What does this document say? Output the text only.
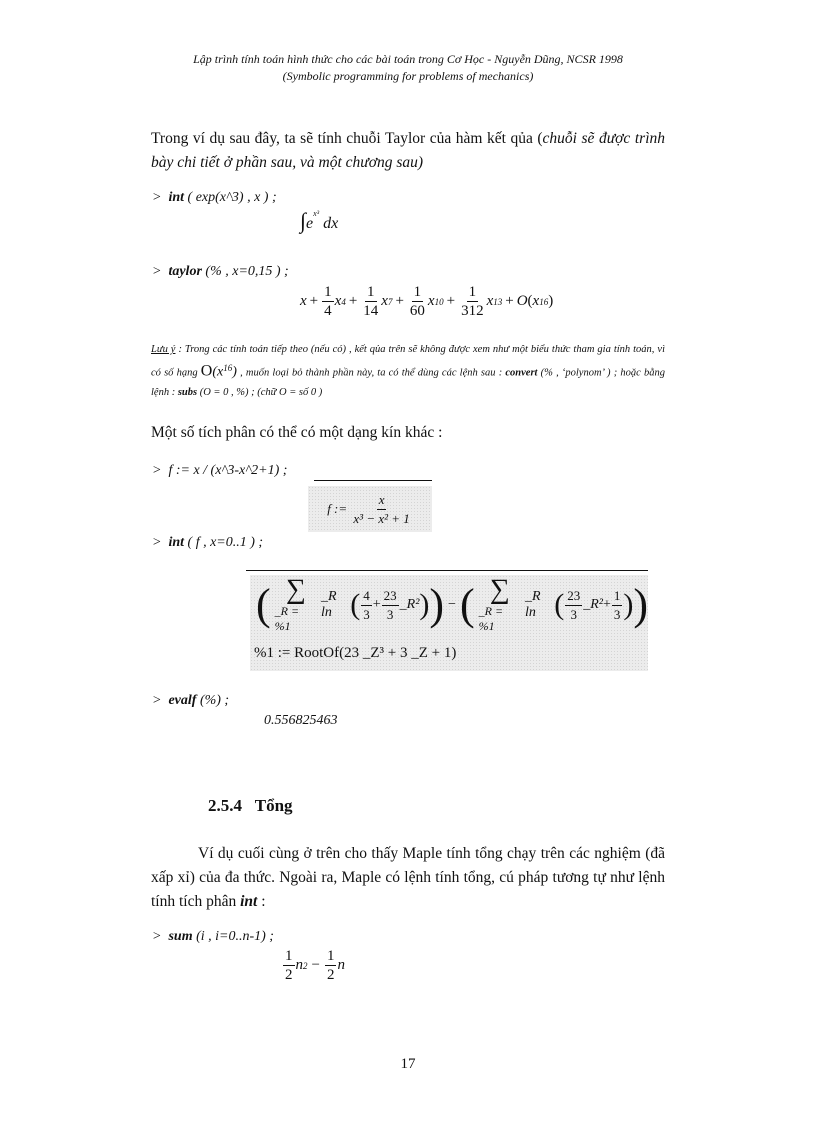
Lập trình tính toán hình thức cho các bài toán trong Cơ Học - Nguyễn Dũng, NCSR 1998
(Symbolic programming for problems of mechanics)
Trong ví dụ sau đây, ta sẽ tính chuỗi Taylor của hàm kết qủa (chuỗi sẽ được trình bày chi tiết ở phần sau, và một chương sau)
> int ( exp(x^3) , x ) ;
$\int e^{x^3}$ dx
> taylor (% , x=0,15 ) ;
$x + \frac{1}{4}$ x $4 + \frac{1}{14}$ x $7 + \frac{1}{60}$ x $10 + \frac{1}{312}$ x 13 + O ( x 16 )
Lưu ý : Trong các tính toán tiếp theo (nếu có) , kết qủa trên sẽ không được xem như một biểu thức tham gia tính toán, vì có số hạng $O(x^{16})$ , muốn loại bỏ thành phần này, ta có thể dùng các lệnh sau : convert (% , ‘polynom’ ) ; hoặc bằng lệnh : subs (O = 0 , %) ; (chữ O = số 0 )
Một số tích phân có thể có một dạng kín khác :
> f := x / (x^3-x^2+1) ;
f :=
$\frac{x}{\text{x³ − x² + 1}}$
> int ( f , x=0..1 ) ;
( ∑
_R = %1
_R ln ( $\frac{4}{3} + \frac{23}{3}$ _R² ) ) − ( ∑
_R = %1
_R ln ( $\frac{23}{3}$ _R² + $\frac{1}{3}$ ) )
%1 := RootOf(23 _Z³ + 3 _Z + 1)
> evalf (%) ;
0.556825463
2.5.4 Tổng
Ví dụ cuối cùng ở trên cho thấy Maple tính tổng chạy trên các nghiệm (đã xấp xỉ) của đa thức. Ngoài ra, Maple có lệnh tính tổng, cú pháp tương tự như lệnh tính tích phân int :
> sum (i , i=0..n-1) ;
$\frac{1}{2}$ n $2 - \frac{1}{2}$ n
17
